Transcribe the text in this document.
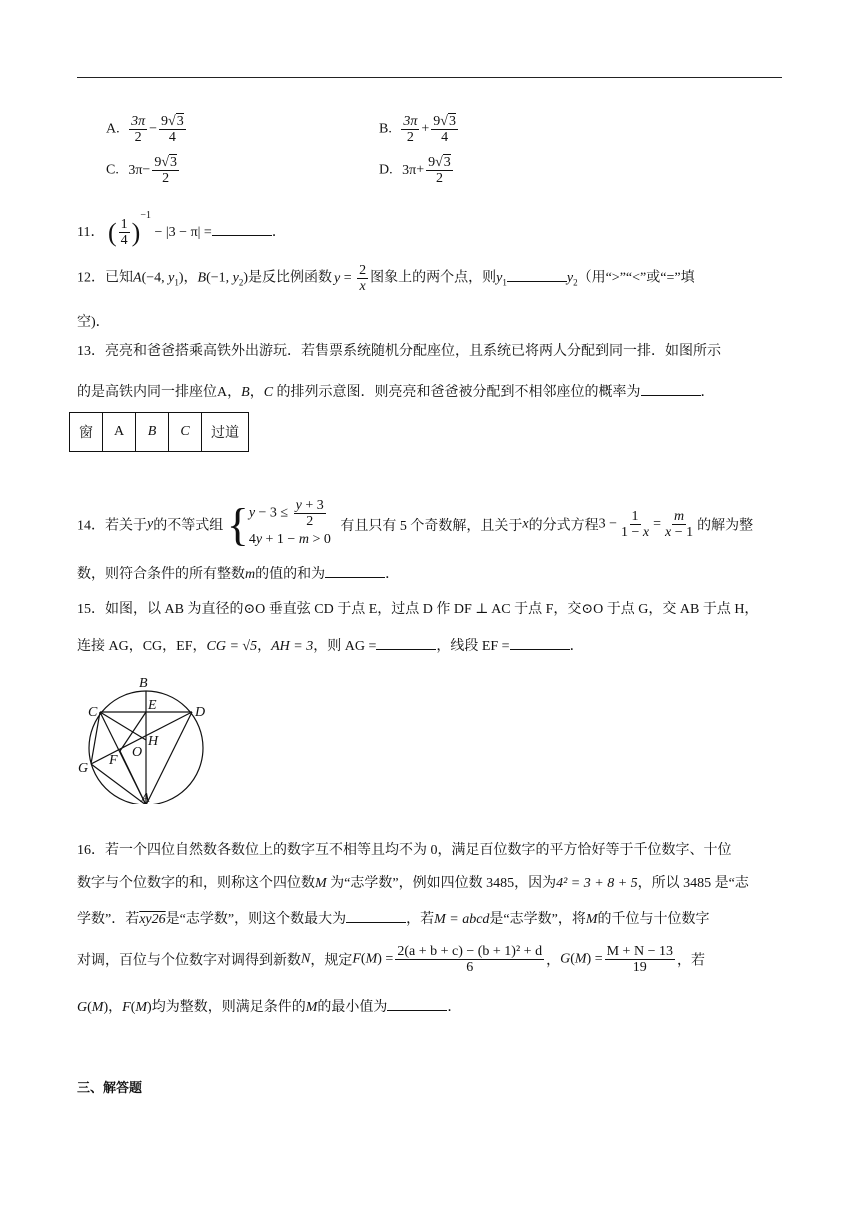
A. $\frac{3\pi}{2} - \frac{9√3}{4}$	B. $\frac{3\pi}{2} + \frac{9√3}{4}$
C. $3\pi- \frac{9√3}{2}$	D. $3\pi+ \frac{9√3}{2}$
11． ( $\frac{1}{4} )^{-1} - |3 - \pi|$ =	．
12．已知A(−4, $y_1$)，B(−1, $y_2$)是反比例函数 $y = \frac{2}{x}$ 图象上的两个点，则$y_1$	$y_2$（用“>”“<”或“=”填
空)．
13．亮亮和爸爸搭乘高铁外出游玩．若售票系统随机分配座位，且系统已将两人分配到同一排．如图所示
的是高铁内同一排座位A，B，C 的排列示意图．则亮亮和爸爸被分配到不相邻座位的概率为	．
窗	A	B	C	过道
14．若关于y的不等式组 { $y - 3 \le \frac{y + 3}{2}$
4y + 1 − m > 0
有且只有 5 个奇数解，且关于x的分式方程$3 - \frac{1}{1 - x} = \frac{m}{x - 1}$ 的解为整
数，则符合条件的所有整数m的值的和为	．
15．如图，以 AB 为直径的⊙O 垂直弦 CD 于点 E，过点 D 作 DF ⊥ AC 于点 F，交⊙O 于点 G，交 AB 于点 H，
连接 AG，CG，EF，CG = √5，AH = 3，则 AG =	，线段 EF =	．
B
C	E	D
H
O
F
G
A
16．若一个四位自然数各数位上的数字互不相等且均不为 0，满足百位数字的平方恰好等于千位数字、十位
数字与个位数字的和，则称这个四位数M 为“志学数”，例如四位数 3485，因为4² = 3 + 8 + 5，所以 3485 是“志
学数”．若xy26是“志学数”，则这个数最大为	，若M = abcd是“志学数”，将M的千位与十位数字
对调，百位与个位数字对调得到新数N，规定$F(M) = \frac{\text{2(a + b + c) − (b + 1)² + d}}{6}$ ，$G(M) = \frac{M + N - 13}{19}$ ，若
G(M)，F(M)均为整数，则满足条件的M的最小值为	．
三、解答题
